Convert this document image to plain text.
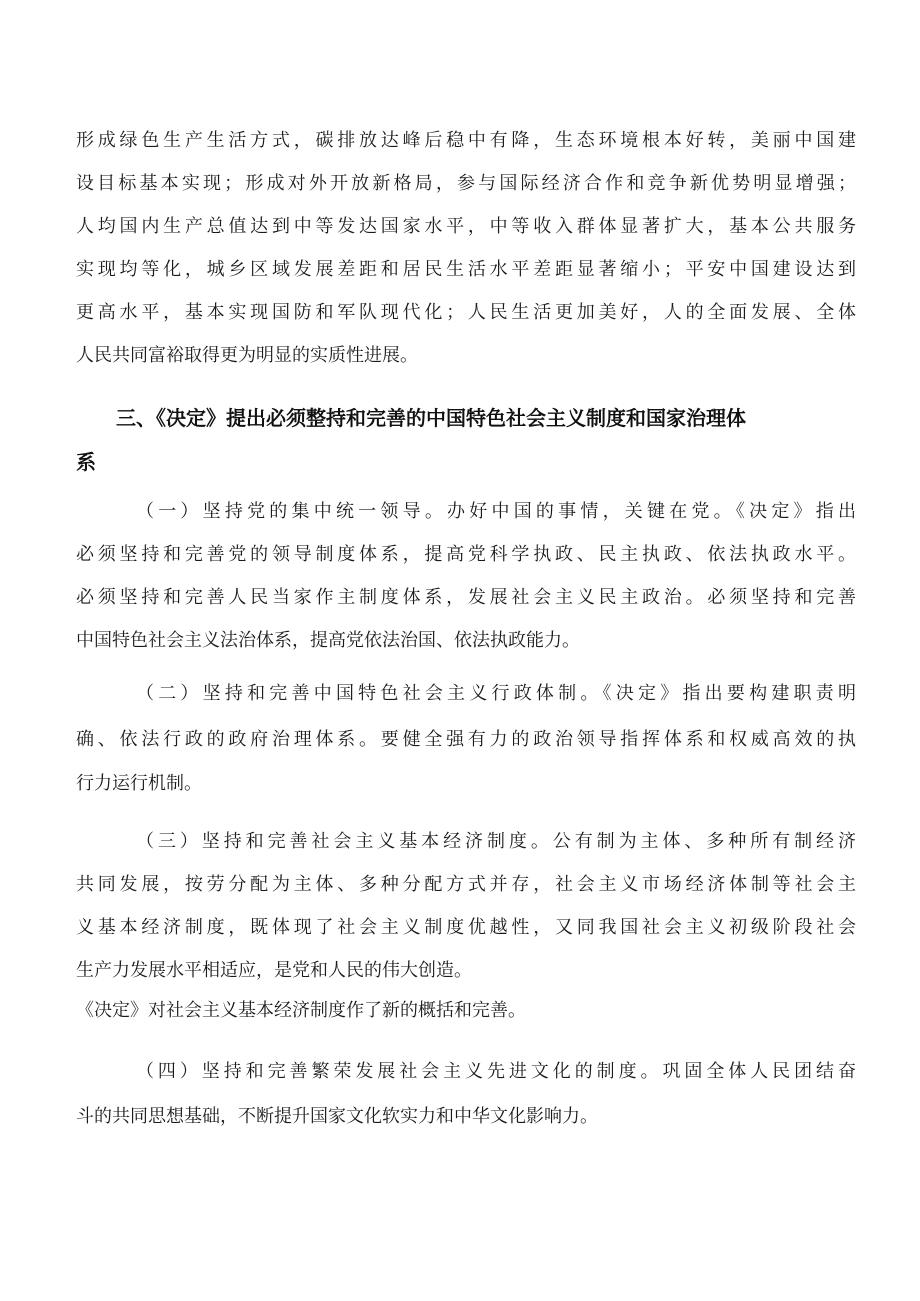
形成绿色生产生活方式，碳排放达峰后稳中有降，生态环境根本好转，美丽中国建

设目标基本实现；形成对外开放新格局，参与国际经济合作和竞争新优势明显增强；

人均国内生产总值达到中等发达国家水平，中等收入群体显著扩大，基本公共服务

实现均等化，城乡区域发展差距和居民生活水平差距显著缩小；平安中国建设达到

更高水平，基本实现国防和军队现代化；人民生活更加美好，人的全面发展、全体

人民共同富裕取得更为明显的实质性进展。

三、《决定》提出必须整持和完善的中国特色社会主义制度和国家治理体
系

（一）坚持党的集中统一领导。办好中国的事情，关键在党。《决定》指出

必须坚持和完善党的领导制度体系，提高党科学执政、民主执政、依法执政水平。

必须坚持和完善人民当家作主制度体系，发展社会主义民主政治。必须坚持和完善

中国特色社会主义法治体系，提高党依法治国、依法执政能力。

（二）坚持和完善中国特色社会主义行政体制。《决定》指出要构建职责明

确、依法行政的政府治理体系。要健全强有力的政治领导指挥体系和权威高效的执

行力运行机制。

（三）坚持和完善社会主义基本经济制度。公有制为主体、多种所有制经济

共同发展，按劳分配为主体、多种分配方式并存，社会主义市场经济体制等社会主

义基本经济制度，既体现了社会主义制度优越性，又同我国社会主义初级阶段社会

生产力发展水平相适应，是党和人民的伟大创造。

《决定》对社会主义基本经济制度作了新的概括和完善。

（四）坚持和完善繁荣发展社会主义先进文化的制度。巩固全体人民团结奋

斗的共同思想基础，不断提升国家文化软实力和中华文化影响力。
